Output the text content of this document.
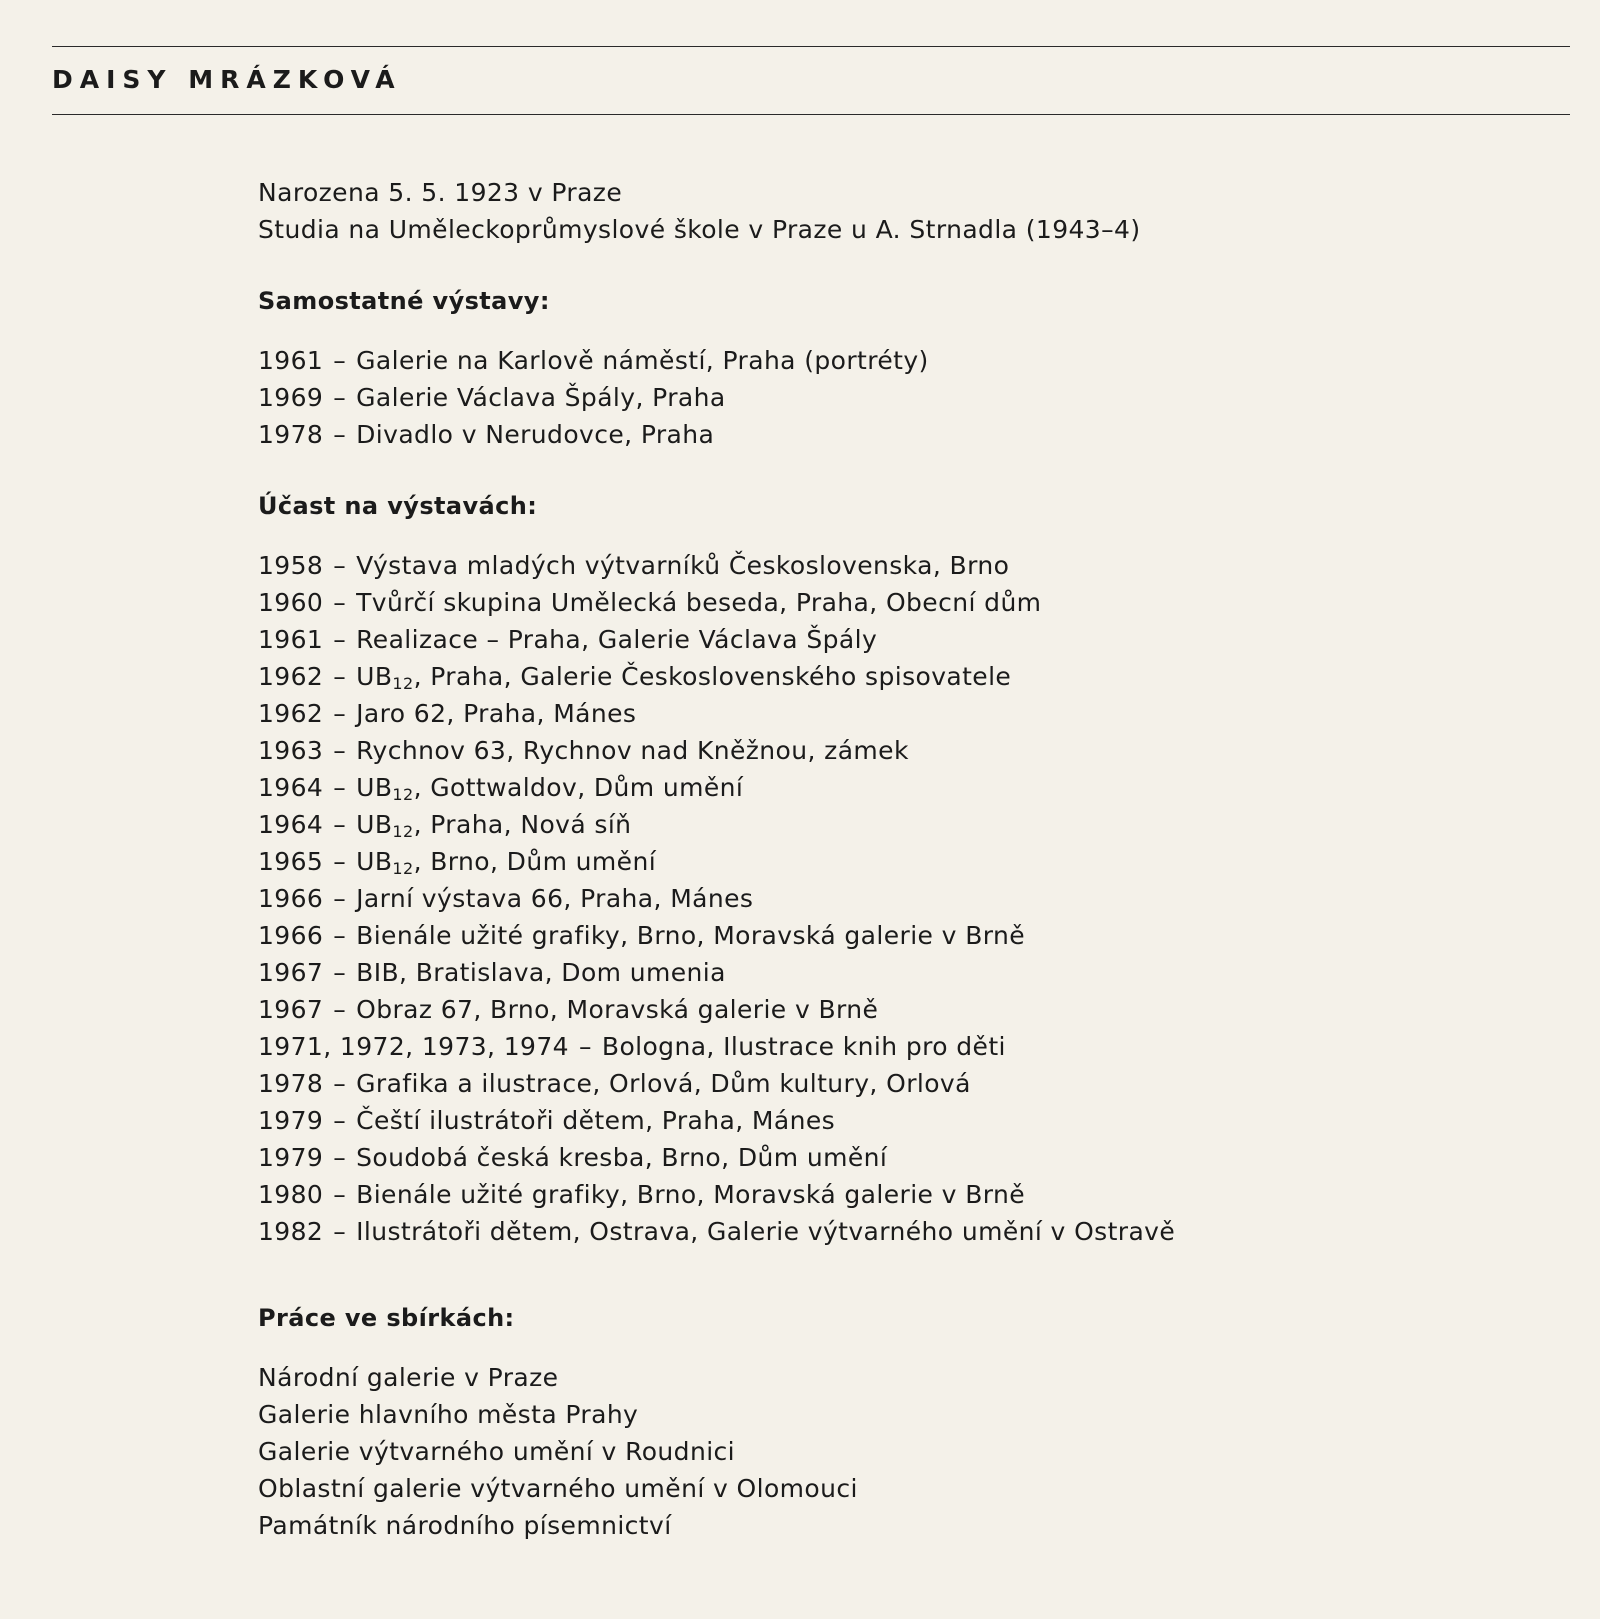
DAISY MRÁZKOVÁ

Narozena 5. 5. 1923 v Praze

Studia na Uměleckoprůmyslové škole v Praze u A. Strnadla (1943–4)

Samostatné výstavy:

1961 – Galerie na Karlově náměstí, Praha (portréty)
1969 – Galerie Václava Špály, Praha
1978 – Divadlo v Nerudovce, Praha

Účast na výstavách:

1958 – Výstava mladých výtvarníků Československa, Brno
1960 – Tvůrčí skupina Umělecká beseda, Praha, Obecní dům
1961 – Realizace – Praha, Galerie Václava Špály
$1962 - UB_{12}$, Praha, Galerie Československého spisovatele
1962 – Jaro 62, Praha, Mánes
1963 – Rychnov 63, Rychnov nad Kněžnou, zámek
$1964 - UB_{12}$, Gottwaldov, Dům umění
$1964 - UB_{12}$, Praha, Nová síň
$1965 - UB_{12}$, Brno, Dům umění
1966 – Jarní výstava 66, Praha, Mánes
1966 – Bienále užité grafiky, Brno, Moravská galerie v Brně
1967 – BIB, Bratislava, Dom umenia
1967 – Obraz 67, Brno, Moravská galerie v Brně
1971, 1972, 1973, 1974 – Bologna, Ilustrace knih pro děti
1978 – Grafika a ilustrace, Orlová, Dům kultury, Orlová
1979 – Čeští ilustrátoři dětem, Praha, Mánes
1979 – Soudobá česká kresba, Brno, Dům umění
1980 – Bienále užité grafiky, Brno, Moravská galerie v Brně
1982 – Ilustrátoři dětem, Ostrava, Galerie výtvarného umění v Ostravě

Práce ve sbírkách:

Národní galerie v Praze
Galerie hlavního města Prahy
Galerie výtvarného umění v Roudnici
Oblastní galerie výtvarného umění v Olomouci
Památník národního písemnictví
